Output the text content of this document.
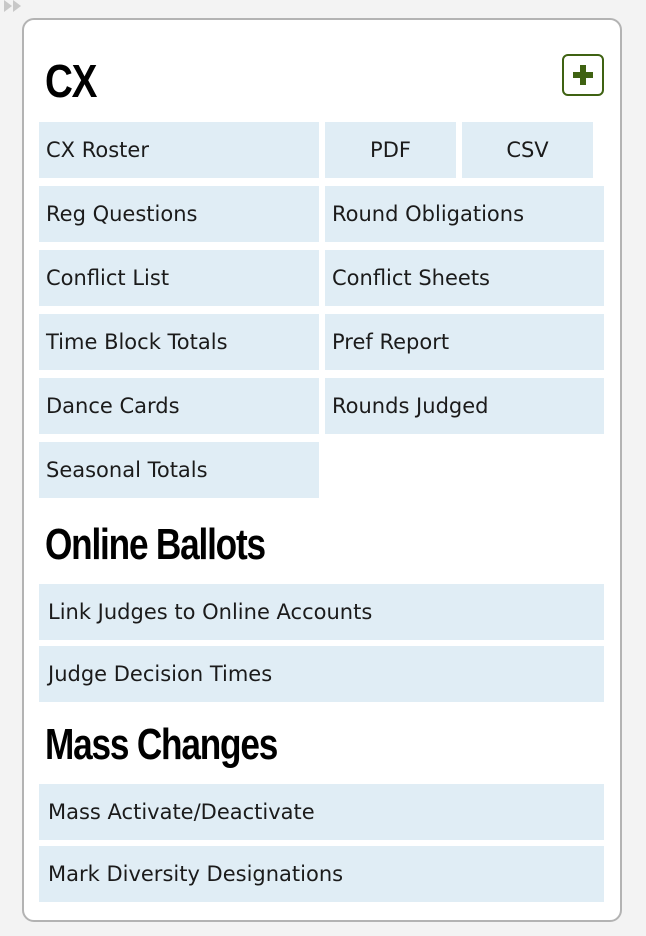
CX
CX Roster	PDF	CSV
Reg Questions	Round Obligations
Conflict List	Conflict Sheets
Time Block Totals	Pref Report
Dance Cards	Rounds Judged
Seasonal Totals
Online Ballots
Link Judges to Online Accounts
Judge Decision Times
Mass Changes
Mass Activate/Deactivate
Mark Diversity Designations
